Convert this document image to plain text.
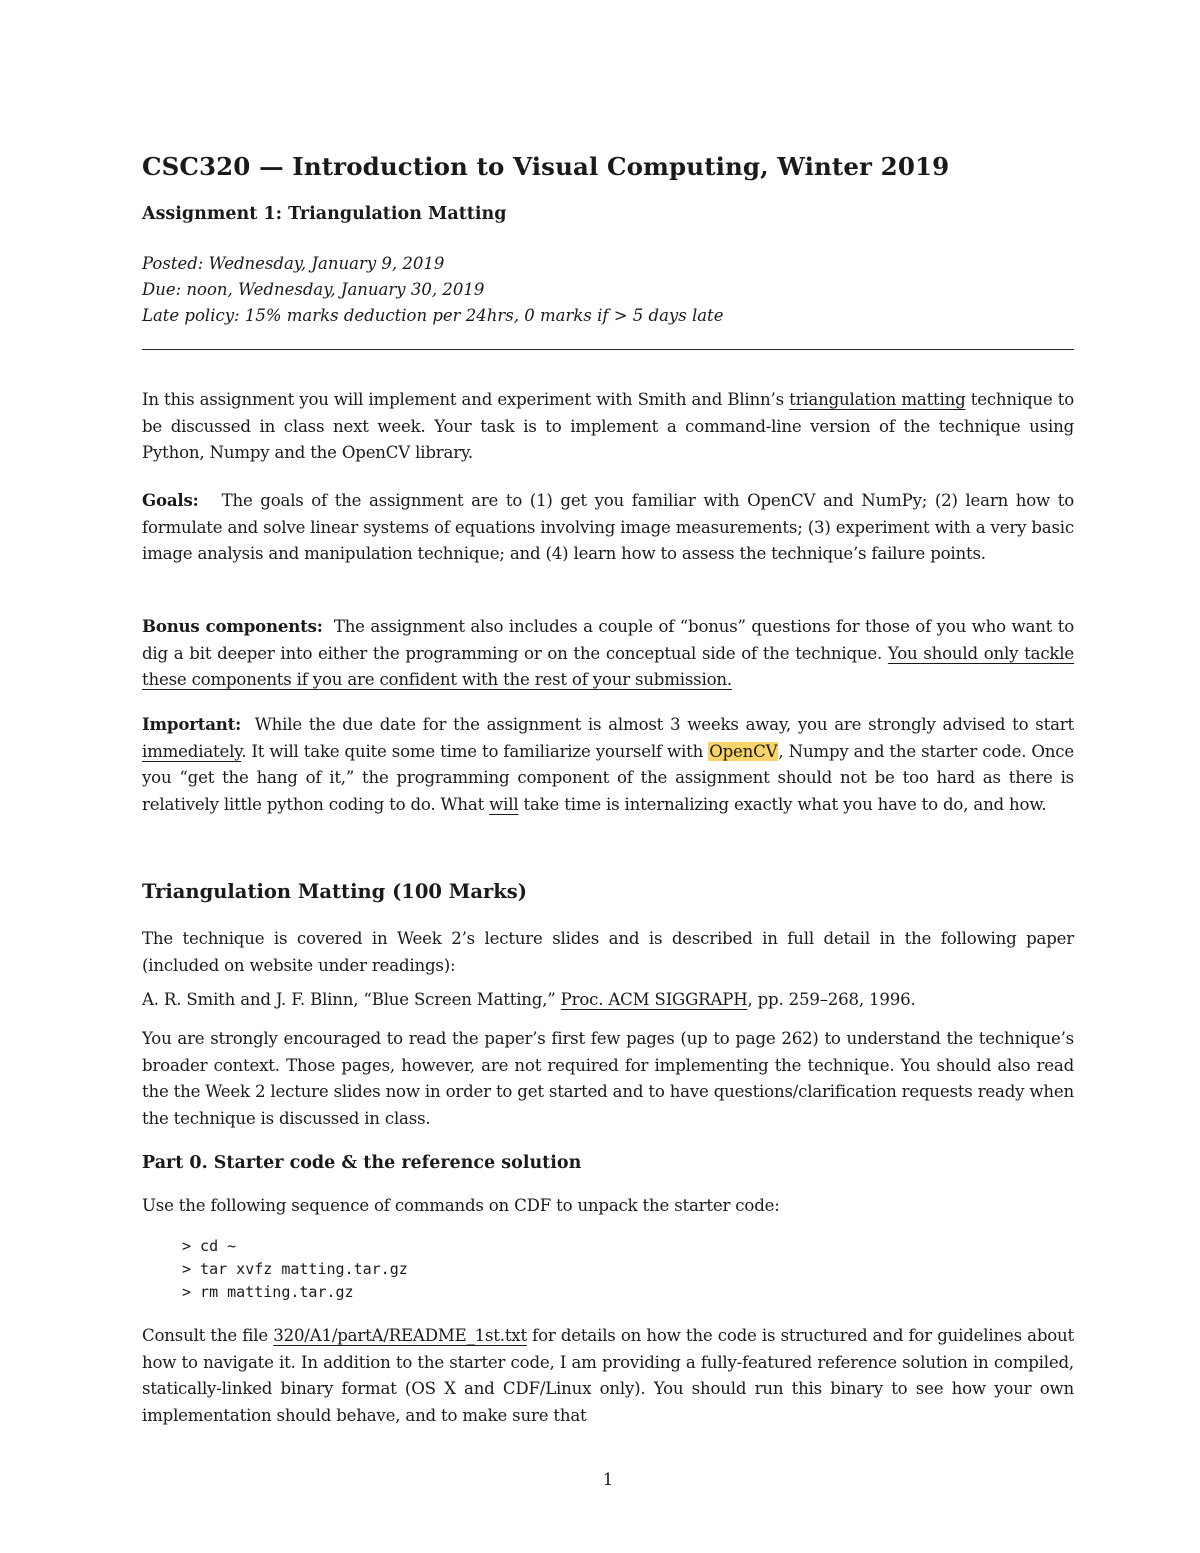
CSC320 — Introduction to Visual Computing, Winter 2019
Assignment 1: Triangulation Matting
Posted: Wednesday, January 9, 2019
Due: noon, Wednesday, January 30, 2019
Late policy: 15% marks deduction per 24hrs, 0 marks if > 5 days late
In this assignment you will implement and experiment with Smith and Blinn’s triangulation matting technique to be discussed in class next week. Your task is to implement a command-line version of the technique using Python, Numpy and the OpenCV library.
Goals: The goals of the assignment are to (1) get you familiar with OpenCV and NumPy; (2) learn how to formulate and solve linear systems of equations involving image measurements; (3) experiment with a very basic image analysis and manipulation technique; and (4) learn how to assess the technique’s failure points.
Bonus components: The assignment also includes a couple of “bonus” questions for those of you who want to dig a bit deeper into either the programming or on the conceptual side of the technique. You should only tackle these components if you are confident with the rest of your submission.
Important: While the due date for the assignment is almost 3 weeks away, you are strongly advised to start immediately. It will take quite some time to familiarize yourself with OpenCV, Numpy and the starter code. Once you “get the hang of it,” the programming component of the assignment should not be too hard as there is relatively little python coding to do. What will take time is internalizing exactly what you have to do, and how.
Triangulation Matting (100 Marks)
The technique is covered in Week 2’s lecture slides and is described in full detail in the following paper (included on website under readings):
A. R. Smith and J. F. Blinn, “Blue Screen Matting,” Proc. ACM SIGGRAPH, pp. 259–268, 1996.
You are strongly encouraged to read the paper’s first few pages (up to page 262) to understand the technique’s broader context. Those pages, however, are not required for implementing the technique. You should also read the the Week 2 lecture slides now in order to get started and to have questions/clarification requests ready when the technique is discussed in class.
Part 0. Starter code & the reference solution
Use the following sequence of commands on CDF to unpack the starter code:
> cd ~
> tar xvfz matting.tar.gz
> rm matting.tar.gz
Consult the file 320/A1/partA/README_1st.txt for details on how the code is structured and for guidelines about how to navigate it. In addition to the starter code, I am providing a fully-featured reference solution in compiled, statically-linked binary format (OS X and CDF/Linux only). You should run this binary to see how your own implementation should behave, and to make sure that
1
